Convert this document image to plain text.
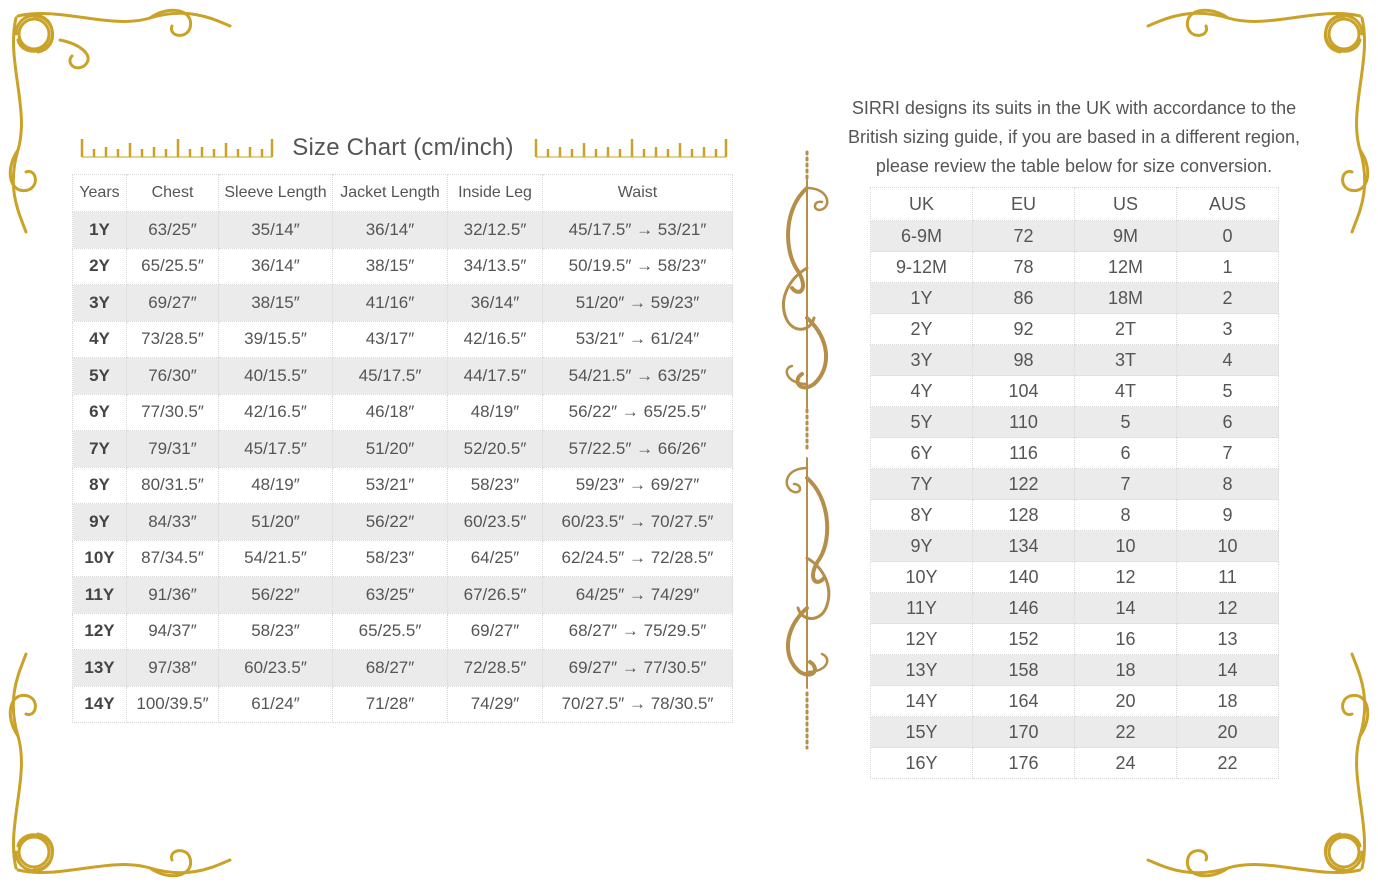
Size Chart (cm/inch)
Years	Chest	Sleeve Length	Jacket Length	Inside Leg	Waist
1Y	63/25″	35/14″	36/14″	32/12.5″	45/17.5″ → 53/21″
2Y	65/25.5″	36/14″	38/15″	34/13.5″	50/19.5″ → 58/23″
3Y	69/27″	38/15″	41/16″	36/14″	51/20″ → 59/23″
4Y	73/28.5″	39/15.5″	43/17″	42/16.5″	53/21″ → 61/24″
5Y	76/30″	40/15.5″	45/17.5″	44/17.5″	54/21.5″ → 63/25″
6Y	77/30.5″	42/16.5″	46/18″	48/19″	56/22″ → 65/25.5″
7Y	79/31″	45/17.5″	51/20″	52/20.5″	57/22.5″ → 66/26″
8Y	80/31.5″	48/19″	53/21″	58/23″	59/23″ → 69/27″
9Y	84/33″	51/20″	56/22″	60/23.5″	60/23.5″ → 70/27.5″
10Y	87/34.5″	54/21.5″	58/23″	64/25″	62/24.5″ → 72/28.5″
11Y	91/36″	56/22″	63/25″	67/26.5″	64/25″ → 74/29″
12Y	94/37″	58/23″	65/25.5″	69/27″	68/27″ → 75/29.5″
13Y	97/38″	60/23.5″	68/27″	72/28.5″	69/27″ → 77/30.5″
14Y	100/39.5″	61/24″	71/28″	74/29″	70/27.5″ → 78/30.5″
SIRRI designs its suits in the UK with accordance to the
British sizing guide, if you are based in a different region,
please review the table below for size conversion.
UK	EU	US	AUS
6-9M	72	9M	0
9-12M	78	12M	1
1Y	86	18M	2
2Y	92	2T	3
3Y	98	3T	4
4Y	104	4T	5
5Y	110	5	6
6Y	116	6	7
7Y	122	7	8
8Y	128	8	9
9Y	134	10	10
10Y	140	12	11
11Y	146	14	12
12Y	152	16	13
13Y	158	18	14
14Y	164	20	18
15Y	170	22	20
16Y	176	24	22
